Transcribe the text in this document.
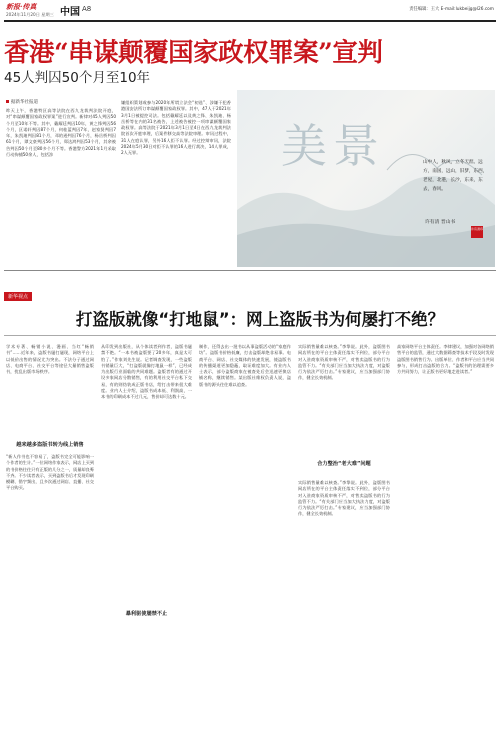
新报·传真
2024年11月20日 星期三 中国 A8	责任编辑：王大 E-mail:lukbeijg@l26.com
香港“串谋颠覆国家政权罪案”宣判
45人判囚50个月至10年
据新华社报道
昨天上午，香港特区高等法院在西九龙裁判法院开庭，对“串谋颠覆国家政权罪案”进行宣判。新律对45人判囚50个月至10年不等。其中，戴耀廷判囚10年，黄之锋判囚56个月，区诺轩判囚87个月，何桂蓝判囚7年，赵家贤判囚7年，朱凯廸判囚81个月，邓的逊判囚76个月，杨岳桥判囚61个月，谭文豪判囚56个月，郑达鸿判囚53个月，其余被告判囚50个月至80多个月不等。香港警方2021年1月采取行动拘捕50余人，包括涉
嫌组织策划或参与2020年所谓立法会“初选”、涉嫌干犯香港国安法所订串谋颠覆国家政权罪。其中，47人于2021年3月1日被提控司法。包括戴耀廷以及黄之锋、朱凯廸、杨岳桥等在内的31名被告，上述被告被控一项串谋颠覆国家政权罪。高等法院于2021年3月1日至4日在西九龙裁判法院首次开庭审理，后案件移交高等法院审理。审讯过程中，31人在庭认罪，另外16人拒不认罪。经过控辩审讯，法院2024年5月30日对拒不认罪的16人进行裁决，14人罪成，2人无罪。	美景	山中人，秋风，立冬天涯。远方，南国，远山，旧梦，东西，老屋，北港，长沙，东来，东去，春风。
许有清 晋山书
许有清印
新华视点
打盗版就像“打地鼠”：网上盗版书为何屡打不绝？
学术专著、畅销小说、漫画、当红“畅销书”……近年来，盗版书屡打屡现，网络平台上以低价出售的情况尤为突出。不法分子通过网店、电商平台、社交平台等途径大量销售盗版书，扰乱出版市场秩序。
越来越多盗版书转为线上销售
“新人作书也不容易了，盗版书完全可能影响一个作者的生计。”一位网络作家表示，网店上买到的书价格往往只有正版的几分之一，质量却良莠不齐。不少读者表示，买到盗版书后才发现印刷模糊、错字频出，且多次通过网店、直播、社交平台购买。
从印发到出版社，从个体读者到作者，盗版书屡禁不绝。“一本书被盗版要了20多年，真是太可怕了。”作家刘先生说。记者调查发现，一些盗版书销量巨大，“打盗版就像打地鼠一样”，已经成为出版行业面临的共同难题。盗版者有的通过开设多家网店分散销售，有的利用社交平台私下交易，有的则伪装成正版书店，给打击带来很大难度。业内人士介绍，盗版书成本低、利润高，一本书的印刷成本不过几元，售价却可达数十元。
暴利驱使屡禁不止
制作，还得去出一批书以从事盗版活动的“家庭作坊”。盗版书价格低廉，打击盗版却绝非易事。电商平台、网店、社交媒体的快速发展，使盗版书的传播渠道更加隐蔽，取证难度加大。有业内人士表示，部分盗版商家在被查处后会迅速更换店铺名称，继续销售。某出版社维权负责人说，盗版书的源头往往难以追查。
实际销售量难以核查。”李挚说。此外，盗版图书网店所在的平台主体责任落实不到位，部分平台对入驻商家资质审核不严，对售卖盗版书的行为监管不力。“有关部门应当加大执法力度，对盗版行为依法严厉打击。”专家建议，应当加强部门协作，健全长效机制。
合力整治“老大难”问题
实际销售量难以核查。”李挚说。此外，盗版图书网店所在的平台主体责任落实不到位，部分平台对入驻商家资质审核不严，对售卖盗版书的行为监管不力。“有关部门应当加大执法力度，对盗版行为依法严厉打击。”专家建议，应当加强部门协作，健全长效机制。
高家网络平台主体责任。李律建议，加强对各网络销售平台的监管，通过大数据筛查等技术手段及时发现盗版图书销售行为。出版单位、作者和平台应当共同参与，形成打击盗版的合力。“盗版书的治理需要多方共同努力，让正版书更好地走进读者。”
